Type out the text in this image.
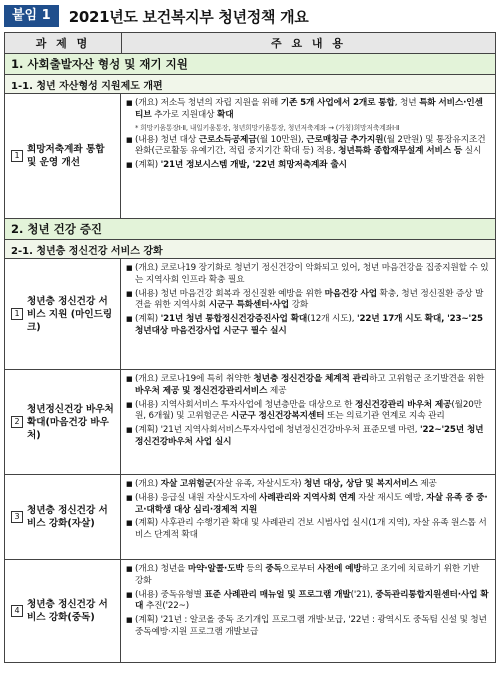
붙임 1	2021년도 보건복지부 청년정책 개요
과 제 명	주 요 내 용
1. 사회출발자산 형성 및 재기 지원
1-1. 청년 자산형성 지원제도 개편
1
희망저축계좌 통합 및 운영 개선
■ (개요) 저소득 청년의 자립 지원을 위해 기존 5개 사업에서 2개로 통합, 청년 특화 서비스·인센티브 추가로 지원대상 확대
* 희망키움통장Ⅰ·Ⅱ, 내일키움통장, 청년희망키움통장, 청년저축계좌 → (가칭)희망저축계좌Ⅰ·Ⅱ
■ (내용) 청년 대상 근로소득공제금(월 10만원), 근로매칭금 추가지원(월 2만원) 및 통장유지조건 완화(근로활동 유예기간, 적립 중지기간 확대 등) 적용, 청년특화 종합재무설계 서비스 등 실시
■ (계획) '21년 정보시스템 개발, '22년 희망저축계좌 출시
2. 청년 건강 증진
2-1. 청년층 정신건강 서비스 강화
1
청년층 정신건강 서비스 지원 (마인드링크)
■ (개요) 코로나19 장기화로 청년기 정신건강이 악화되고 있어, 청년 마음건강을 집중지원할 수 있는 지역사회 인프라 확충 필요
■ (내용) 청년 마음건강 회복과 정신질환 예방을 위한 마음건강 사업 확충, 청년 정신질환 증상 발견을 위한 지역사회 시군구 특화센터·사업 강화
■ (계획) '21년 청년 통합정신건강증진사업 확대(12개 시도), '22년 17개 시도 확대, '23~'25 청년대상 마음건강사업 시군구 필수 실시
2
청년정신건강 바우처 확대(마음건강 바우처)
■ (개요) 코로나19에 특히 취약한 청년층 정신건강을 체계적 관리하고 고위험군 조기발견을 위한 바우처 제공 및 정신건강관리서비스 제공
■ (내용) 지역사회서비스 투자사업에 청년층만을 대상으로 한 정신건강관리 바우처 제공(월20만원, 6개월) 및 고위험군은 시군구 정신건강복지센터 또는 의료기관 연계로 지속 관리
■ (계획) '21년 지역사회서비스투자사업에 청년정신건강바우처 표준모델 마련, '22~'25년 청년정신건강바우처 사업 실시
3
청년층 정신건강 서비스 강화(자살)
■ (개요) 자살 고위험군(자살 유족, 자살시도자) 청년 대상, 상담 및 복지서비스 제공
■ (내용) 응급실 내원 자살시도자에 사례관리와 지역사회 연계 자살 재시도 예방, 자살 유족 중 중·고·대학생 대상 심리·경제적 지원
■ (계획) 사후관리 수행기관 확대 및 사례관리 건보 시범사업 실시(1개 지역), 자살 유족 원스톱 서비스 단계적 확대
4
청년층 정신건강 서비스 강화(중독)
■ (개요) 청년을 마약·알콜·도박 등의 중독으로부터 사전에 예방하고 조기에 치료하기 위한 기반 강화
■ (내용) 중독유형별 표준 사례관리 매뉴얼 및 프로그램 개발('21), 중독관리통합지원센터·사업 확대 추진('22~)
■ (계획) '21년 : 알코올 중독 조기개입 프로그램 개발·보급, '22년 : 광역시도 중독팀 신설 및 청년 중독예방·지원 프로그램 개발보급
